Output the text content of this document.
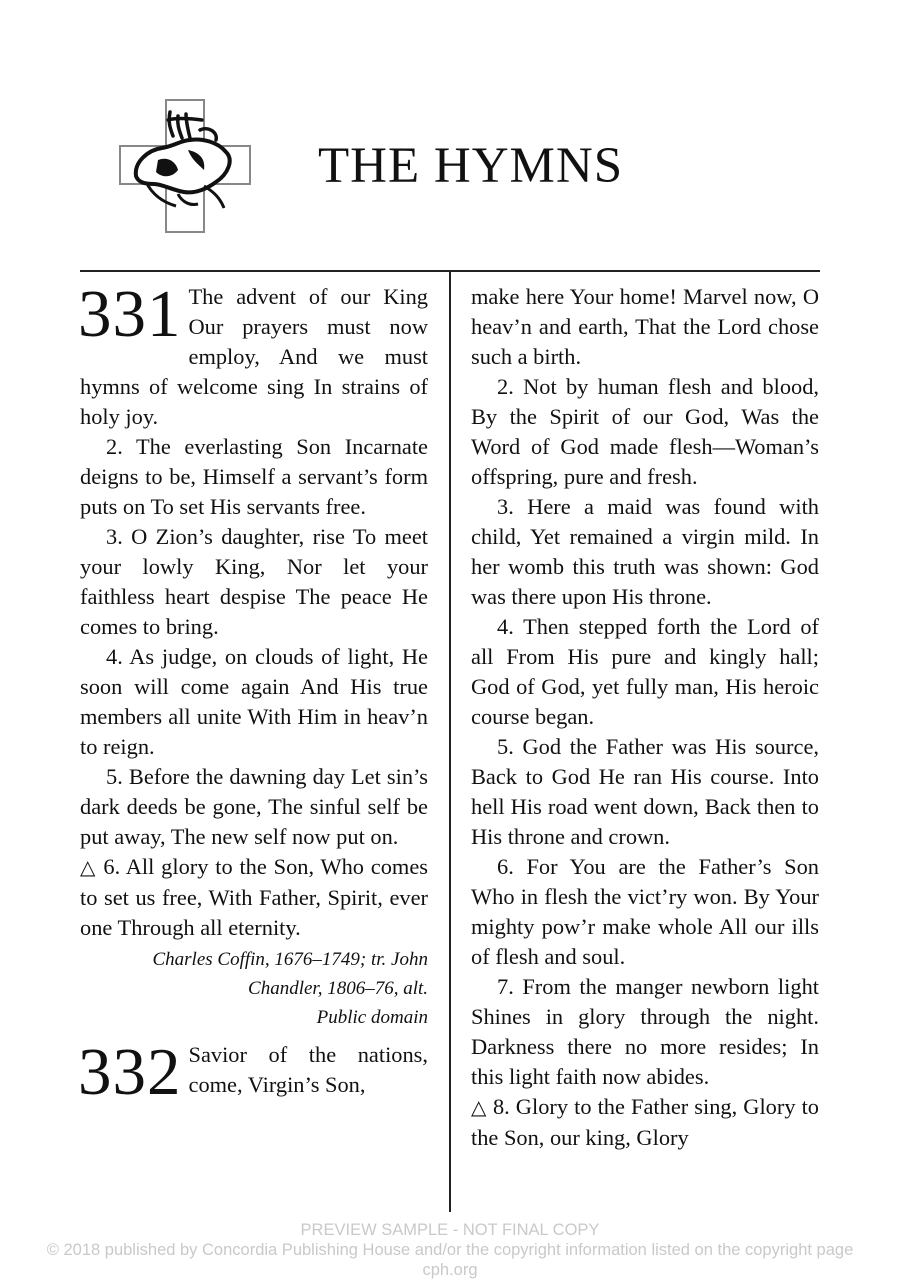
THE HYMNS
331 The advent of our King Our prayers must now employ, And we must hymns of welcome sing In strains of holy joy.

2. The everlasting Son Incarnate deigns to be, Himself a servant’s form puts on To set His servants free.

3. O Zion’s daughter, rise To meet your lowly King, Nor let your faithless heart despise The peace He comes to bring.

4. As judge, on clouds of light, He soon will come again And His true members all unite With Him in heav’n to reign.

5. Before the dawning day Let sin’s dark deeds be gone, The sinful self be put away, The new self now put on.

△ 6. All glory to the Son, Who comes to set us free, With Father, Spirit, ever one Through all eternity.

Charles Coffin, 1676–1749; tr. John Chandler, 1806–76, alt.
Public domain
332 Savior of the nations, come, Virgin’s Son,

make here Your home! Marvel now, O heav’n and earth, That the Lord chose such a birth.

2. Not by human flesh and blood, By the Spirit of our God, Was the Word of God made flesh—Woman’s offspring, pure and fresh.

3. Here a maid was found with child, Yet remained a virgin mild. In her womb this truth was shown: God was there upon His throne.

4. Then stepped forth the Lord of all From His pure and kingly hall; God of God, yet fully man, His heroic course began.

5. God the Father was His source, Back to God He ran His course. Into hell His road went down, Back then to His throne and crown.

6. For You are the Father’s Son Who in flesh the vict’ry won. By Your mighty pow’r make whole All our ills of flesh and soul.

7. From the manger newborn light Shines in glory through the night. Darkness there no more resides; In this light faith now abides.

△ 8. Glory to the Father sing, Glory to the Son, our king, Glory

PREVIEW SAMPLE - NOT FINAL COPY
© 2018 published by Concordia Publishing House and/or the copyright information listed on the copyright page
cph.org
